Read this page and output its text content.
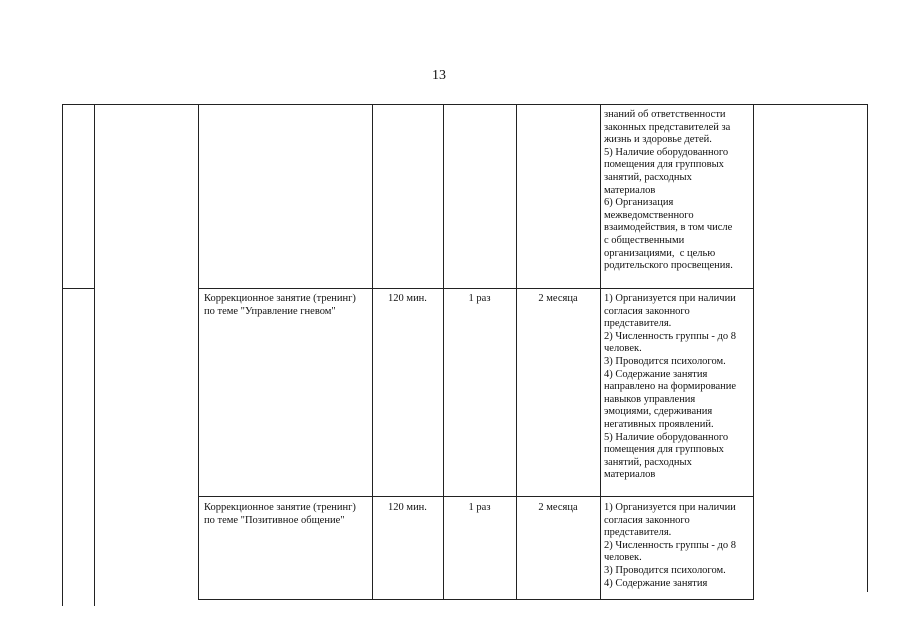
13
знаний об ответственности
законных представителей за
жизнь и здоровье детей.
5) Наличие оборудованного
помещения для групповых
занятий, расходных
материалов
6) Организация
межведомственного
взаимодействия, в том числе
с общественными
организациями,  с целью
родительского просвещения.
Коррекционное занятие (тренинг)
по теме "Управление гневом"
120 мин.	1 раз	2 месяца	1) Организуется при наличии
согласия законного
представителя.
2) Численность группы - до 8
человек.
3) Проводится психологом.
4) Содержание занятия
направлено на формирование
навыков управления
эмоциями, сдерживания
негативных проявлений.
5) Наличие оборудованного
помещения для групповых
занятий, расходных
материалов
Коррекционное занятие (тренинг)
по теме "Позитивное общение"
120 мин.	1 раз	2 месяца	1) Организуется при наличии
согласия законного
представителя.
2) Численность группы - до 8
человек.
3) Проводится психологом.
4) Содержание занятия
